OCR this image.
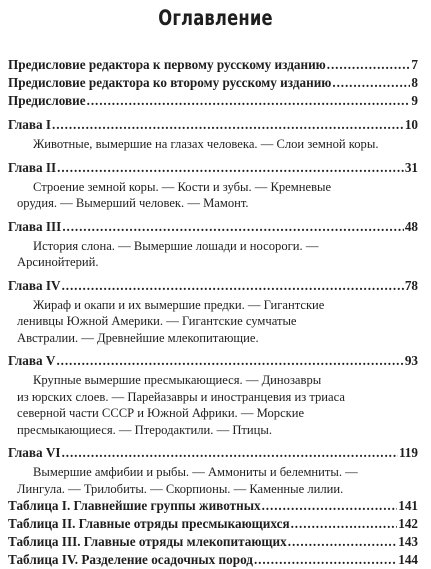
Оглавление
Предисловие редактора к первому русскому изданию . . .	7
Предисловие редактора ко второму русскому изданию . . .	8
Предисловие . . .	9
Глава I . . .	10
Животные, вымершие на глазах человека. — Слои земной коры.
Глава II . . .	31
Строение земной коры. — Кости и зубы. — Кремневые
орудия. — Вымерший человек. — Мамонт.
Глава III . . .	48
История слона. — Вымершие лошади и носороги. —
Арсинойтерий.
Глава IV . . .	78
Жираф и окапи и их вымершие предки. — Гигантские
ленивцы Южной Америки. — Гигантские сумчатые
Австралии. — Древнейшие млекопитающие.
Глава V . . .	93
Крупные вымершие пресмыкающиеся. — Динозавры
из юрских слоев. — Парейазавры и иностранцевия из триаса
северной части СССР и Южной Африки. — Морские
пресмыкающиеся. — Птеродактили. — Птицы.
Глава VI . . .	119
Вымершие амфибии и рыбы. — Аммониты и белемниты. —
Лингула. — Трилобиты. — Скорпионы. — Каменные лилии.
Таблица I. Главнейшие группы животных . . .	141
Таблица II. Главные отряды пресмыкающихся . . .	142
Таблица III. Главные отряды млекопитающих . . .	143
Таблица IV. Разделение осадочных пород . . .	144
